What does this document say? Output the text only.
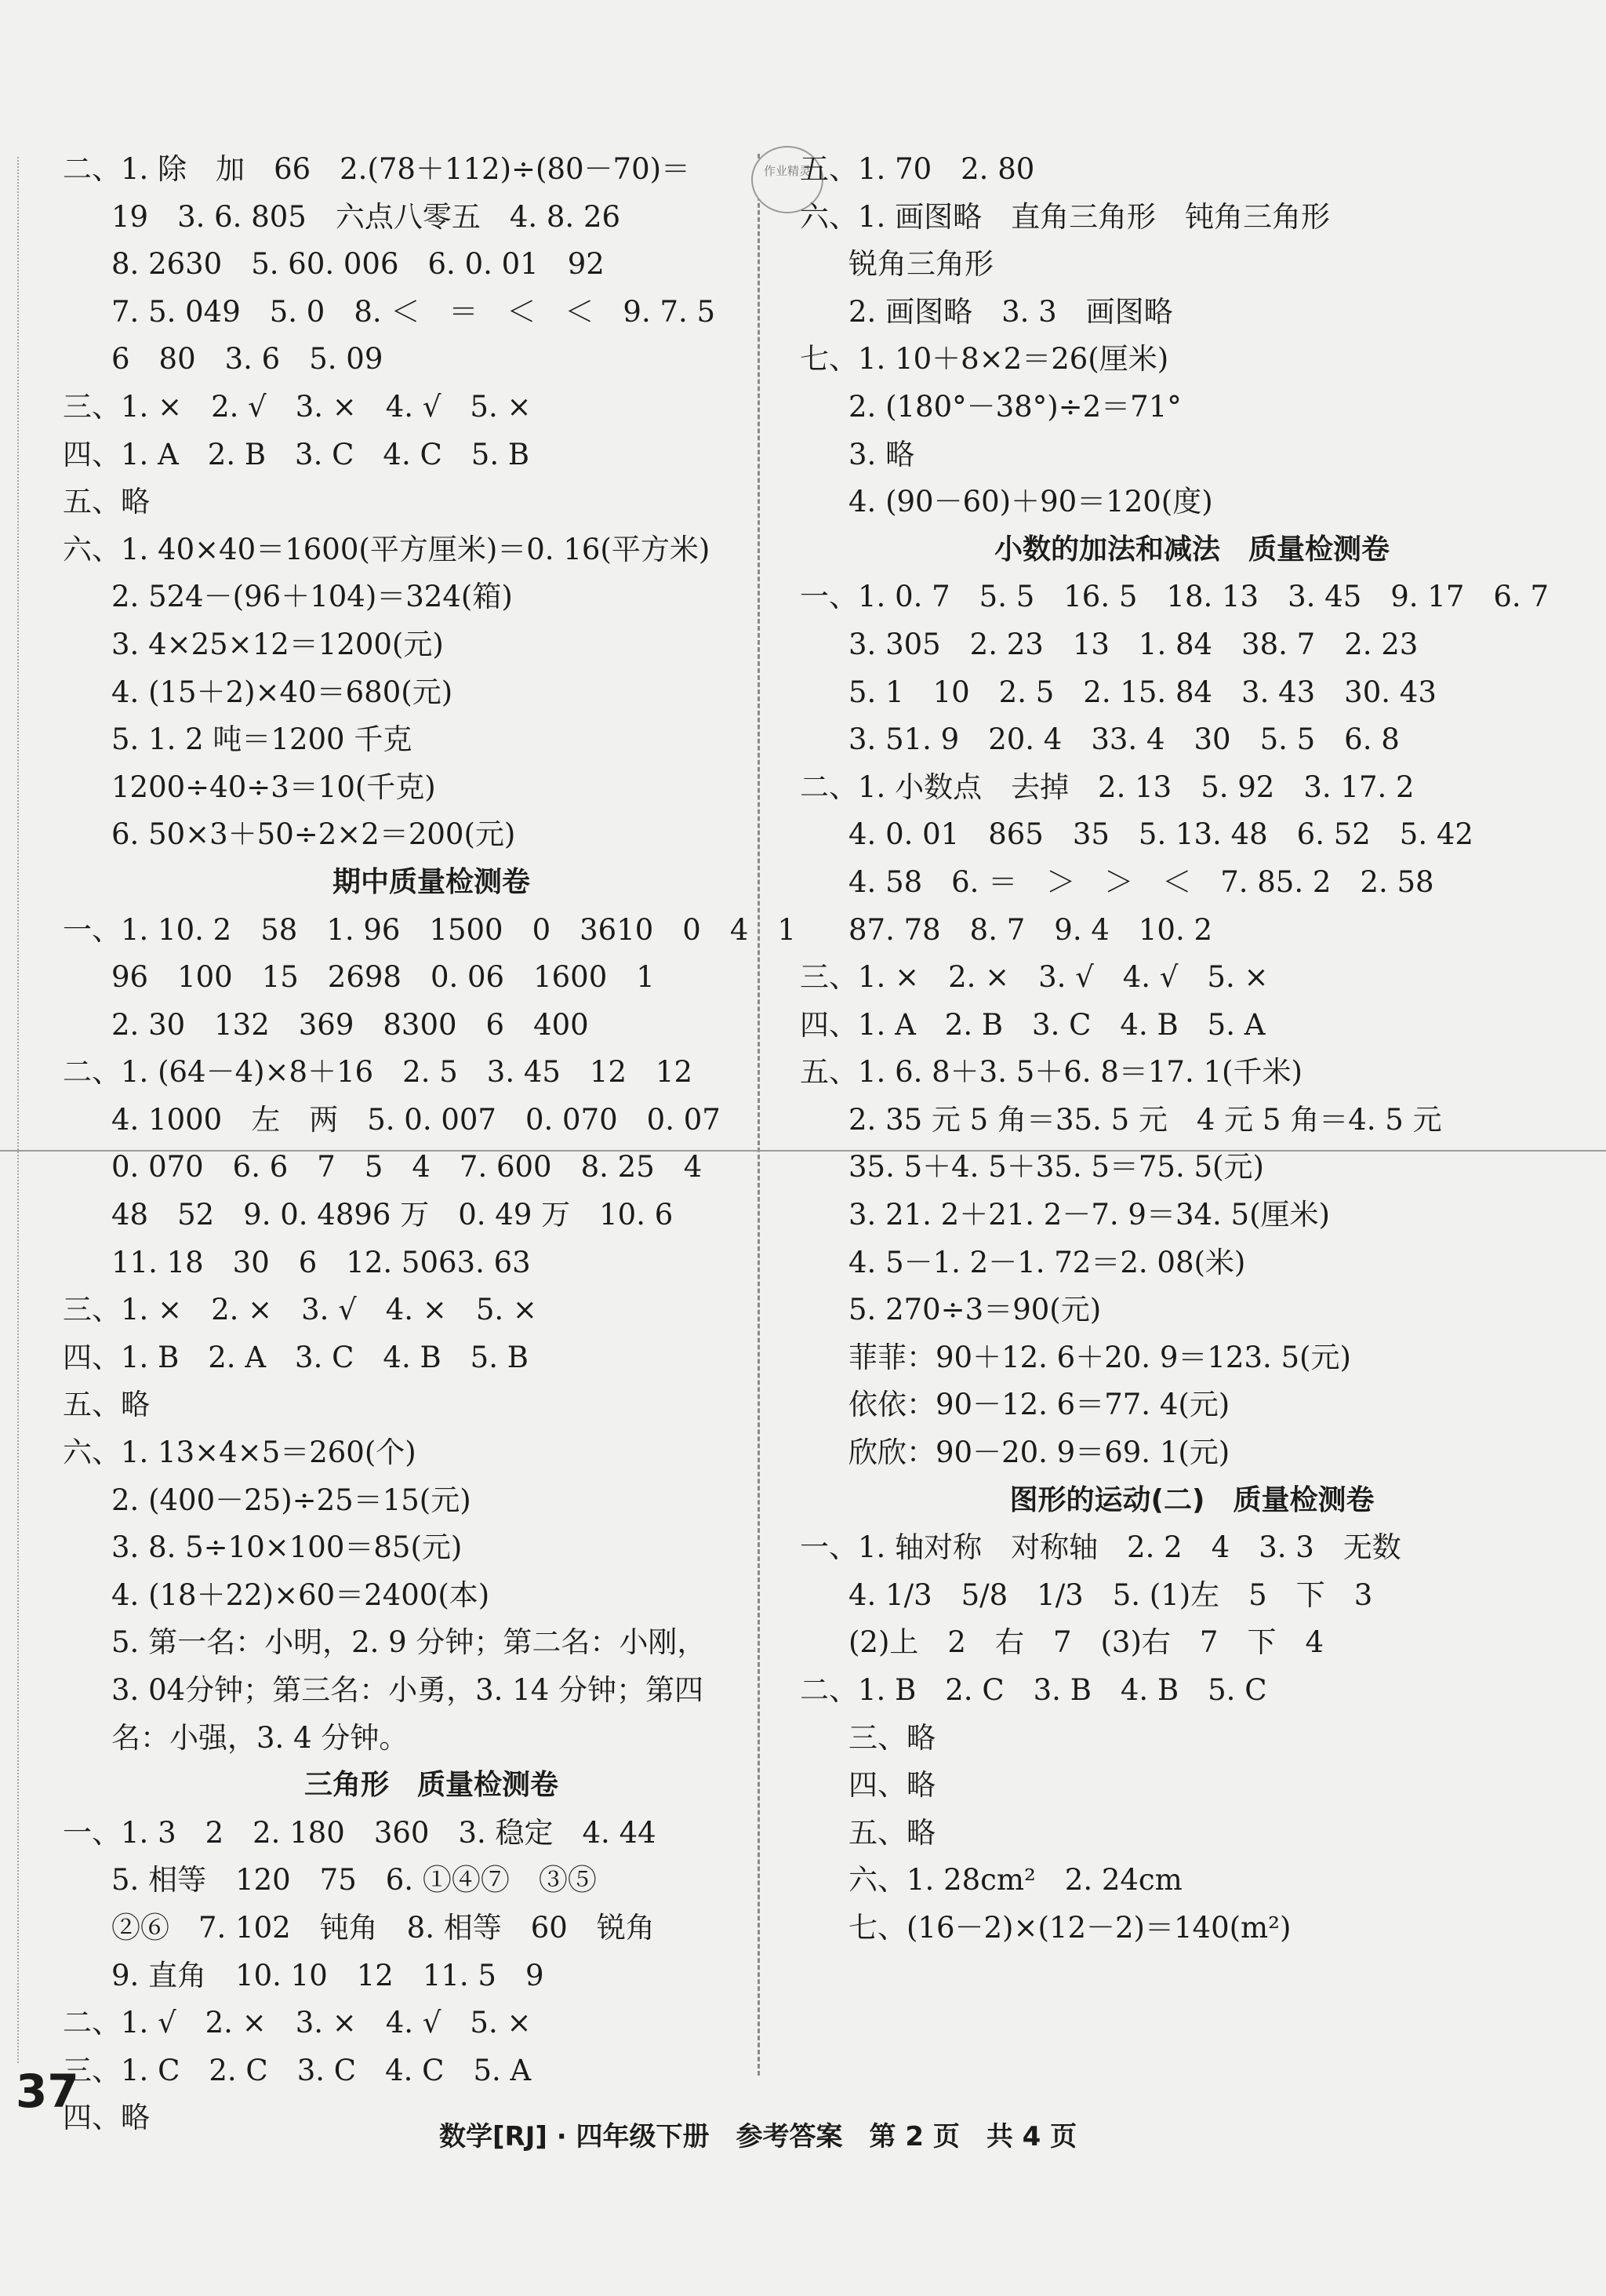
作业精灵
二、1. 除　加　66　2.(78＋112)÷(80－70)＝
19　3. 6. 805　六点八零五　4. 8. 26
8. 2630　5. 60. 006　6. 0. 01　92
7. 5. 049　5. 0　8. ＜　＝　＜　＜　9. 7. 5
6　80　3. 6　5. 09
三、1. ×　2. √　3. ×　4. √　5. ×
四、1. A　2. B　3. C　4. C　5. B
五、略
六、1. 40×40＝1600(平方厘米)＝0. 16(平方米)
2. 524－(96＋104)＝324(箱)
3. 4×25×12＝1200(元)
4. (15＋2)×40＝680(元)
5. 1. 2 吨＝1200 千克
1200÷40÷3＝10(千克)
6. 50×3＋50÷2×2＝200(元)
期中质量检测卷
一、1. 10. 2　58　1. 96　1500　0　3610　0　4　1
96　100　15　2698　0. 06　1600　1
2. 30　132　369　8300　6　400
二、1. (64－4)×8＋16　2. 5　3. 45　12　12
4. 1000　左　两　5. 0. 007　0. 070　0. 07
0. 070　6. 6　7　5　4　7. 600　8. 25　4
48　52　9. 0. 4896 万　0. 49 万　10. 6
11. 18　30　6　12. 5063. 63
三、1. ×　2. ×　3. √　4. ×　5. ×
四、1. B　2. A　3. C　4. B　5. B
五、略
六、1. 13×4×5＝260(个)
2. (400－25)÷25＝15(元)
3. 8. 5÷10×100＝85(元)
4. (18＋22)×60＝2400(本)
5. 第一名：小明，2. 9 分钟；第二名：小刚，
3. 04分钟；第三名：小勇，3. 14 分钟；第四
名：小强，3. 4 分钟。
三角形　质量检测卷
一、1. 3　2　2. 180　360　3. 稳定　4. 44
5. 相等　120　75　6. ①④⑦　③⑤
②⑥　7. 102　钝角　8. 相等　60　锐角
9. 直角　10. 10　12　11. 5　9
二、1. √　2. ×　3. ×　4. √　5. ×
三、1. C　2. C　3. C　4. C　5. A
四、略
五、1. 70　2. 80
六、1. 画图略　直角三角形　钝角三角形
锐角三角形
2. 画图略　3. 3　画图略
七、1. 10＋8×2＝26(厘米)
2. (180°－38°)÷2＝71°
3. 略
4. (90－60)＋90＝120(度)
小数的加法和减法　质量检测卷
一、1. 0. 7　5. 5　16. 5　18. 13　3. 45　9. 17　6. 7
3. 305　2. 23　13　1. 84　38. 7　2. 23
5. 1　10　2. 5　2. 15. 84　3. 43　30. 43
3. 51. 9　20. 4　33. 4　30　5. 5　6. 8
二、1. 小数点　去掉　2. 13　5. 92　3. 17. 2
4. 0. 01　865　35　5. 13. 48　6. 52　5. 42
4. 58　6. ＝　＞　＞　＜　7. 85. 2　2. 58
87. 78　8. 7　9. 4　10. 2
三、1. ×　2. ×　3. √　4. √　5. ×
四、1. A　2. B　3. C　4. B　5. A
五、1. 6. 8＋3. 5＋6. 8＝17. 1(千米)
2. 35 元 5 角＝35. 5 元　4 元 5 角＝4. 5 元
35. 5＋4. 5＋35. 5＝75. 5(元)
3. 21. 2＋21. 2－7. 9＝34. 5(厘米)
4. 5－1. 2－1. 72＝2. 08(米)
5. 270÷3＝90(元)
菲菲：90＋12. 6＋20. 9＝123. 5(元)
依依：90－12. 6＝77. 4(元)
欣欣：90－20. 9＝69. 1(元)
图形的运动(二)　质量检测卷
一、1. 轴对称　对称轴　2. 2　4　3. 3　无数
4. 1/3　5/8　1/3　5. (1)左　5　下　3
(2)上　2　右　7　(3)右　7　下　4
二、1. B　2. C　3. B　4. B　5. C
三、略
四、略
五、略
六、1. 28cm²　2. 24cm
七、(16－2)×(12－2)＝140(m²)
37
数学[RJ] · 四年级下册　参考答案　第 2 页　共 4 页
